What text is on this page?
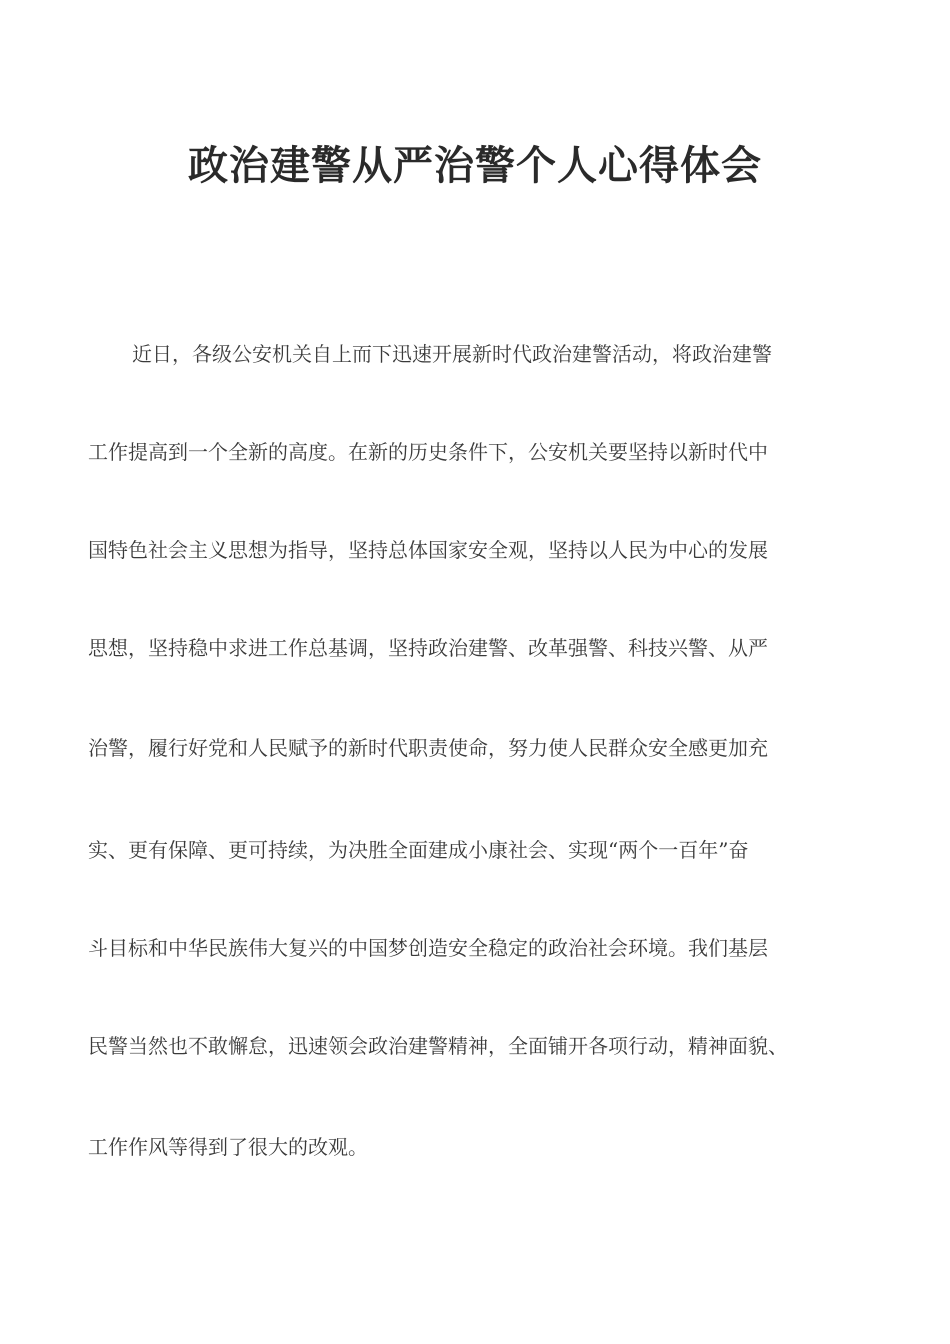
政治建警从严治警个人心得体会
近日，各级公安机关自上而下迅速开展新时代政治建警活动，将政治建警
工作提高到一个全新的高度。在新的历史条件下，公安机关要坚持以新时代中
国特色社会主义思想为指导，坚持总体国家安全观，坚持以人民为中心的发展
思想，坚持稳中求进工作总基调，坚持政治建警、改革强警、科技兴警、从严
治警，履行好党和人民赋予的新时代职责使命，努力使人民群众安全感更加充
实、更有保障、更可持续，为决胜全面建成小康社会、实现“两个一百年”奋
斗目标和中华民族伟大复兴的中国梦创造安全稳定的政治社会环境。我们基层
民警当然也不敢懈怠，迅速领会政治建警精神，全面铺开各项行动，精神面貌、
工作作风等得到了很大的改观。
